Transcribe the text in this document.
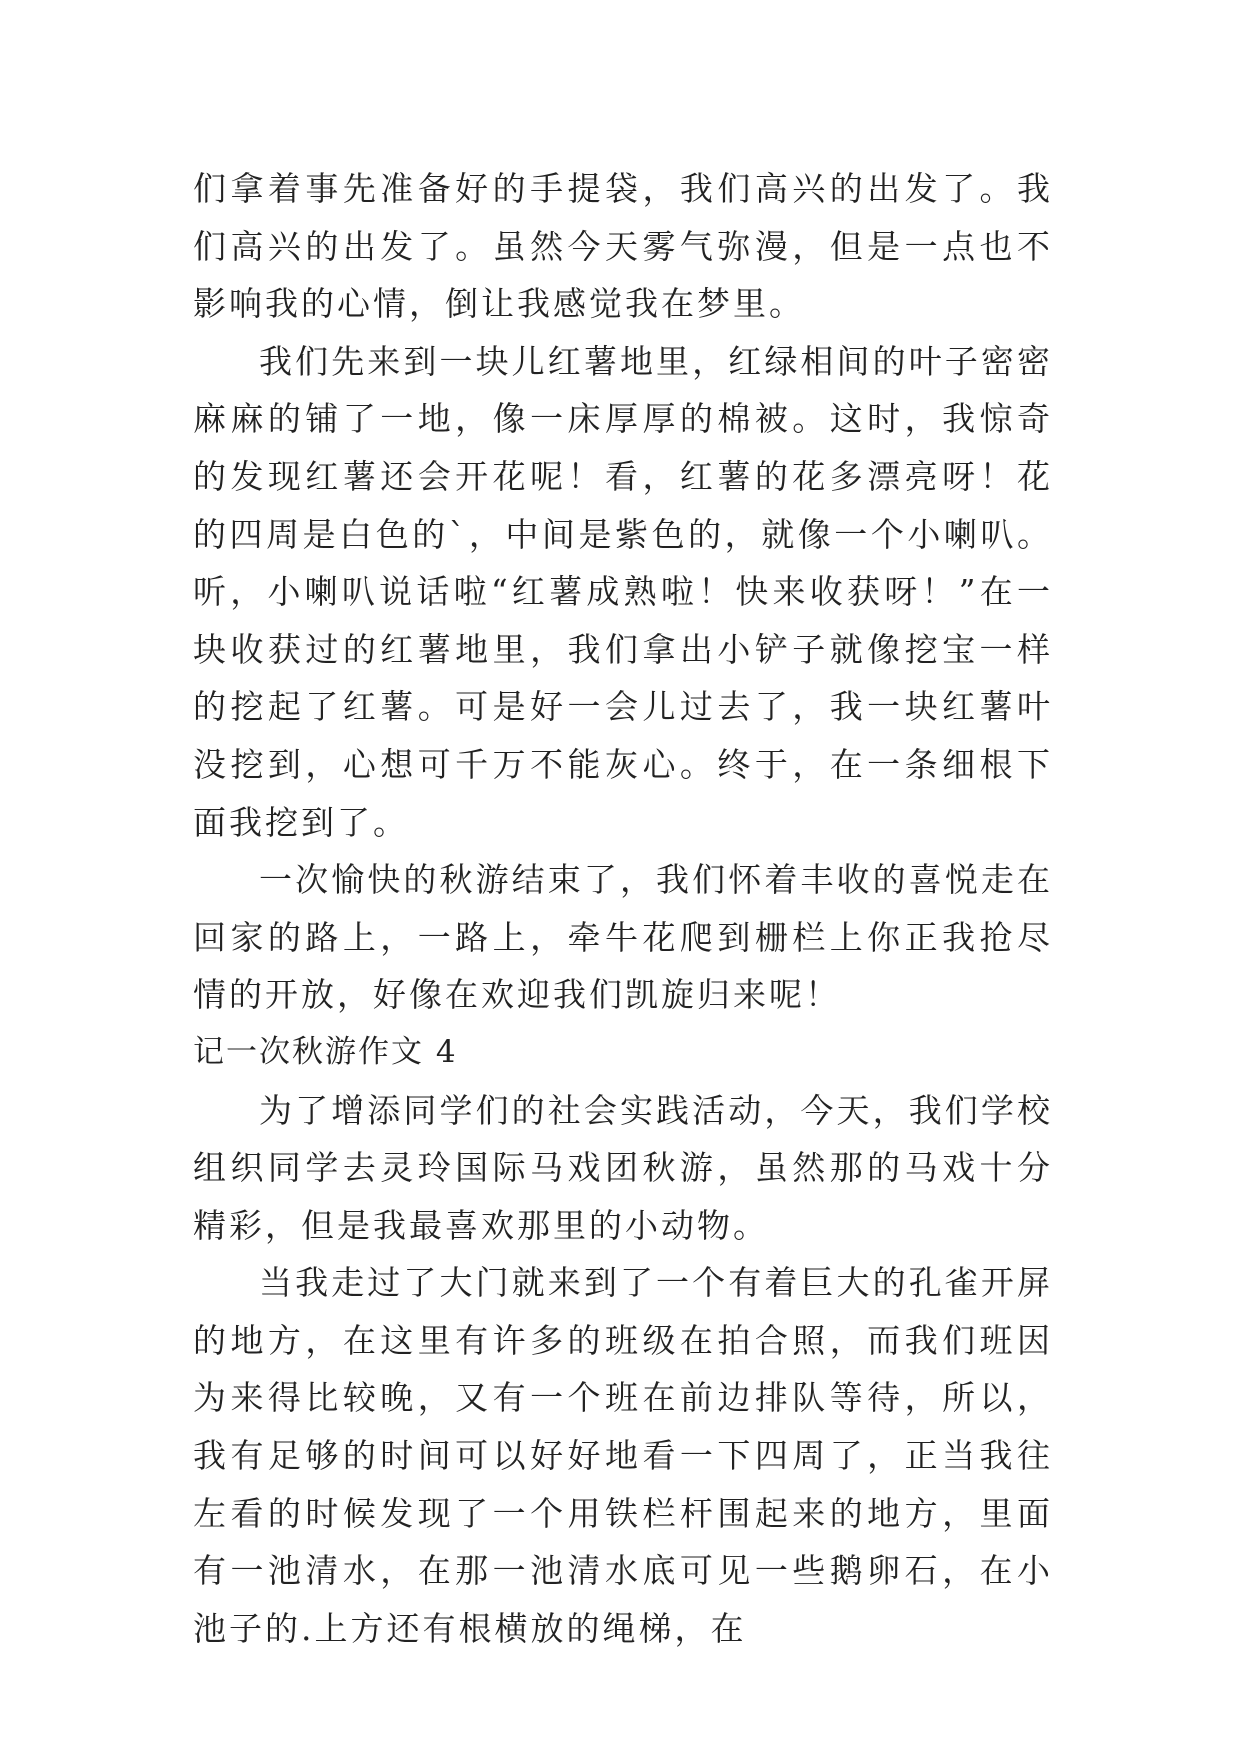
们拿着事先准备好的手提袋，我们高兴的出发了。我们高兴的出发了。虽然今天雾气弥漫，但是一点也不影响我的心情，倒让我感觉我在梦里。

我们先来到一块儿红薯地里，红绿相间的叶子密密麻麻的铺了一地，像一床厚厚的棉被。这时，我惊奇的发现红薯还会开花呢！看，红薯的花多漂亮呀！花的四周是白色的`，中间是紫色的，就像一个小喇叭。听，小喇叭说话啦“红薯成熟啦！快来收获呀！”在一块收获过的红薯地里，我们拿出小铲子就像挖宝一样的挖起了红薯。可是好一会儿过去了，我一块红薯叶没挖到，心想可千万不能灰心。终于，在一条细根下面我挖到了。

一次愉快的秋游结束了，我们怀着丰收的喜悦走在回家的路上，一路上，牵牛花爬到栅栏上你正我抢尽情的开放，好像在欢迎我们凯旋归来呢！

记一次秋游作文 4

为了增添同学们的社会实践活动，今天，我们学校组织同学去灵玲国际马戏团秋游，虽然那的马戏十分精彩，但是我最喜欢那里的小动物。

当我走过了大门就来到了一个有着巨大的孔雀开屏的地方，在这里有许多的班级在拍合照，而我们班因为来得比较晚，又有一个班在前边排队等待，所以，我有足够的时间可以好好地看一下四周了，正当我往左看的时候发现了一个用铁栏杆围起来的地方，里面有一池清水，在那一池清水底可见一些鹅卵石，在小池子的.上方还有根横放的绳梯，在
